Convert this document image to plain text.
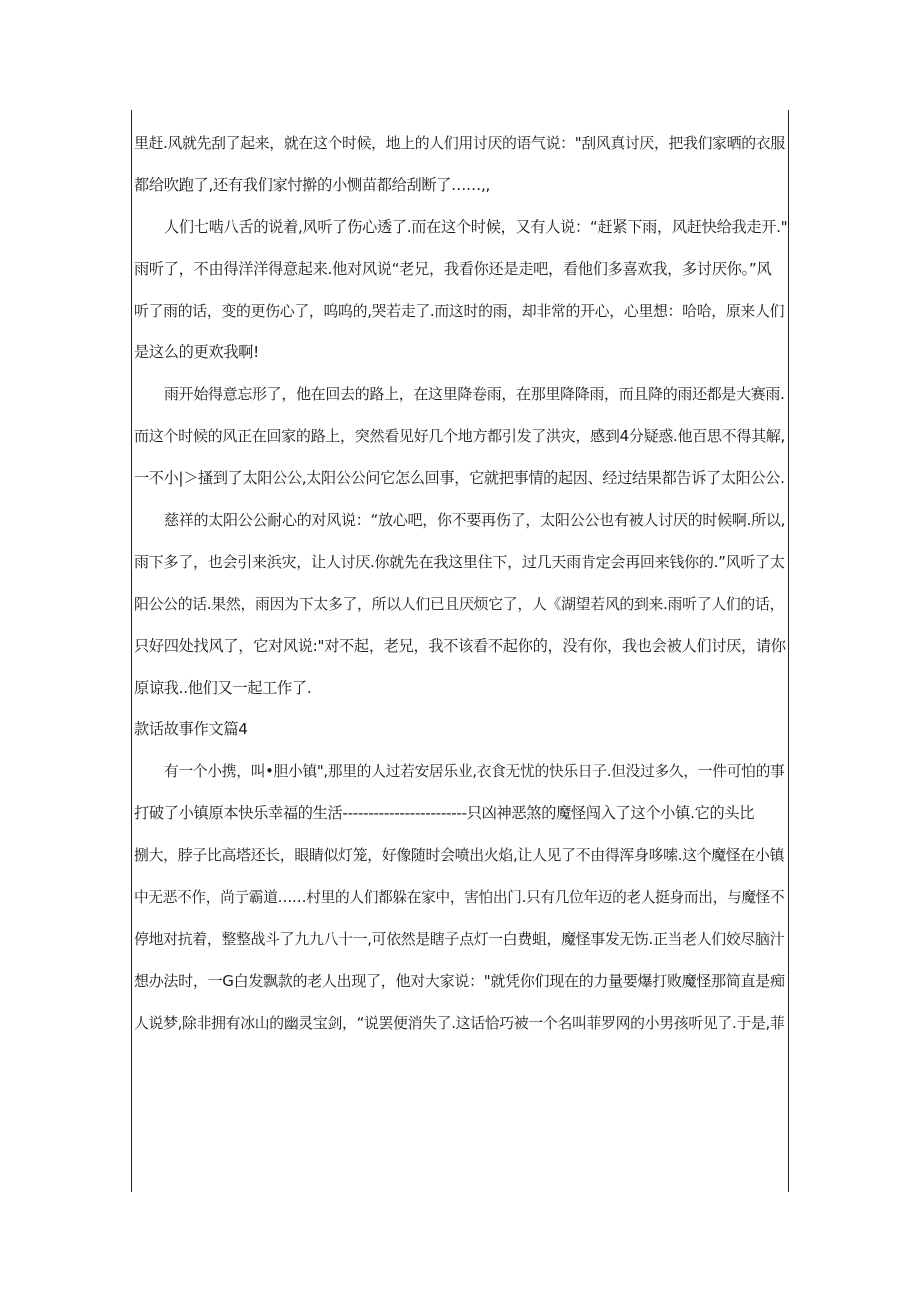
里赶.风就先刮了起来，就在这个时候，地上的人们用讨厌的语气说："刮风真讨厌，把我们家晒的衣服
都给吹跑了,还有我们家忖擀的小恻苗都给刮断了……,,
人们七啮八舌的说着,风听了伤心透了.而在这个时候，又有人说：“赶紧下雨，风赶快给我走开."
雨听了，不由得洋洋得意起来.他对风说“老兄，我看你还是走吧，看他们多喜欢我，多讨厌你。”风
听了雨的话，变的更伤心了，呜呜的,哭若走了.而这时的雨，却非常的开心，心里想：哈哈，原来人们
是这么的更欢我啊!
雨开始得意忘形了，他在回去的路上，在这里降卷雨，在那里降降雨，而且降的雨还都是大赛雨.
而这个时候的风正在回家的路上，突然看见好几个地方都引发了洪灾，感到4分疑惑.他百思不得其解,
一不小|＞搔到了太阳公公,太阳公公问它怎么回事，它就把事情的起因、经过结果都告诉了太阳公公.
慈祥的太阳公公耐心的对风说：“放心吧，你不要再伤了，太阳公公也有被人讨厌的时候啊.所以,
雨下多了，也会引来浜灾，让人讨厌.你就先在我这里住下，过几天雨肯定会再回来钱你的.”风听了太
阳公公的话.果然，雨因为下太多了，所以人们已且厌烦它了，人《湖望若风的到来.雨听了人们的话，
只好四处找风了，它对风说:"对不起，老兄，我不该看不起你的，没有你，我也会被人们讨厌，请你
原谅我..他们又一起工作了.
款话故事作文篇4
有一个小携，叫•胆小镇",那里的人过若安居乐业,衣食无忧的快乐日子.但没过多久，一件可怕的事
打破了小镇原本快乐幸福的生活------------------------只凶神恶煞的魔怪闯入了这个小镇.它的头比
捌大，脖子比高塔还长，眼睛似灯笼，好像随时会喷出火焰,让人见了不由得浑身哆嗦.这个魔怪在小镇
中无恶不作，尚亍霸道……村里的人们都躲在家中，害怕出门.只有几位年迈的老人挺身而出，与魔怪不
停地对抗着，整整战斗了九九八十一,可依然是瞎子点灯一白费蛆，魔怪事发无饬.正当老人们姣尽脑汁
想办法时，一G白发飘款的老人出现了，他对大家说："就凭你们现在的力量要爆打败魔怪那简直是痴
人说梦,除非拥有冰山的幽灵宝剑，“说罢便消失了.这话恰巧被一个名叫菲罗网的小男孩听见了.于是,菲
